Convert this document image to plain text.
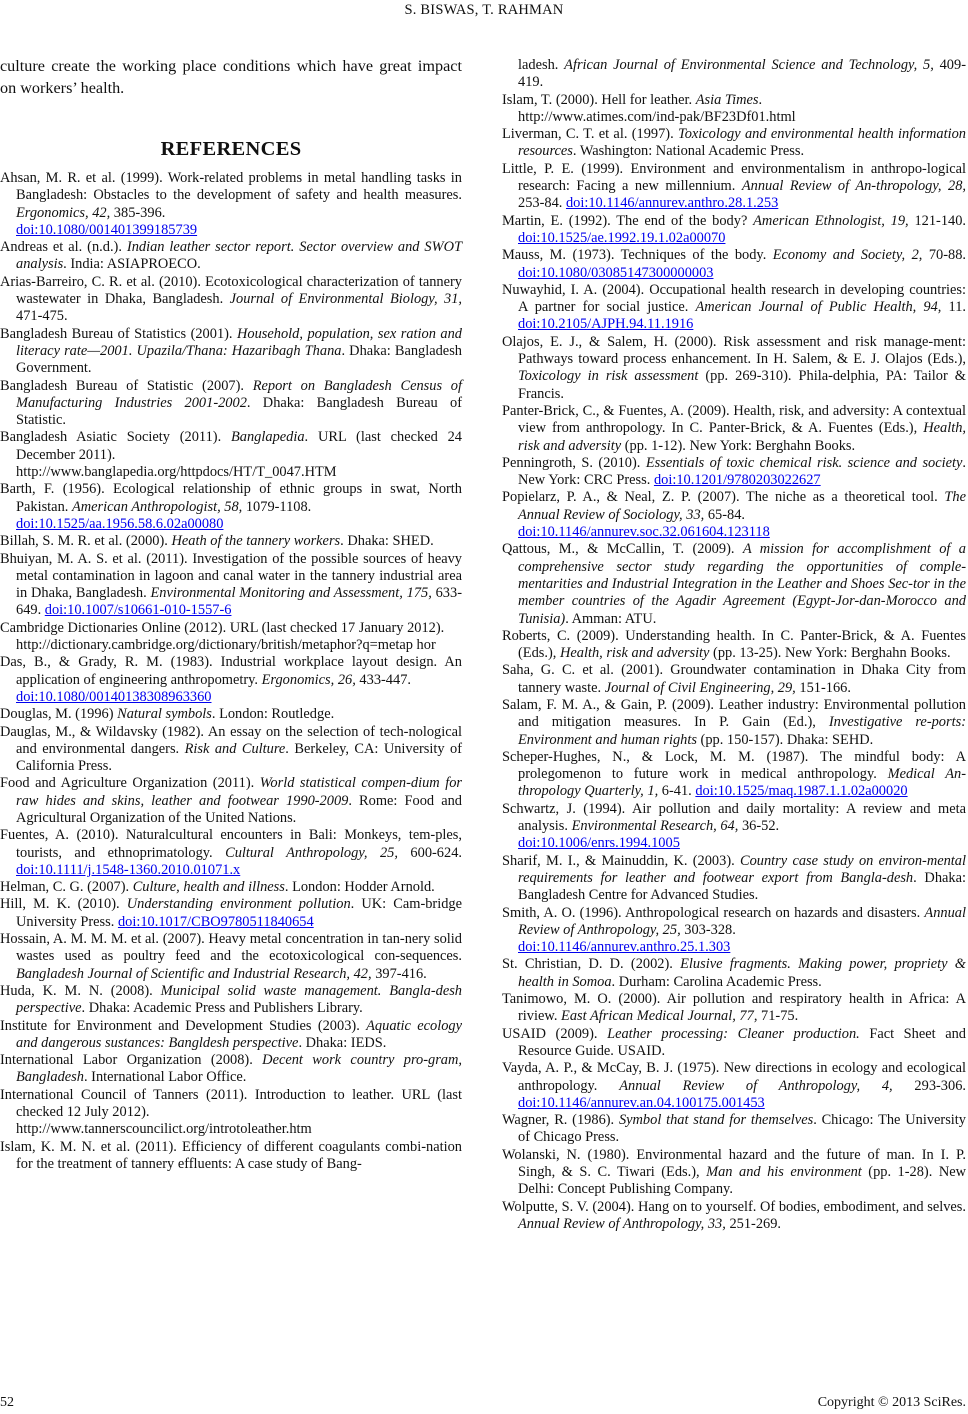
S. BISWAS, T. RAHMAN

culture create the working place conditions which have great impact on workers’ health.

REFERENCES

Ahsan, M. R. et al. (1999). Work-related problems in metal handling tasks in Bangladesh: Obstacles to the development of safety and health measures. Ergonomics, 42, 385-396.
doi:10.1080/001401399185739

Andreas et al. (n.d.). Indian leather sector report. Sector overview and SWOT analysis. India: ASIAPROECO.

Arias-Barreiro, C. R. et al. (2010). Ecotoxicological characterization of tannery wastewater in Dhaka, Bangladesh. Journal of Environmental Biology, 31, 471-475.

Bangladesh Bureau of Statistics (2001). Household, population, sex ration and literacy rate—2001. Upazila/Thana: Hazaribagh Thana. Dhaka: Bangladesh Government.

Bangladesh Bureau of Statistic (2007). Report on Bangladesh Census of Manufacturing Industries 2001-2002. Dhaka: Bangladesh Bureau of Statistic.

Bangladesh Asiatic Society (2011). Banglapedia. URL (last checked 24 December 2011).
http://www.banglapedia.org/httpdocs/HT/T_0047.HTM

Barth, F. (1956). Ecological relationship of ethnic groups in swat, North Pakistan. American Anthropologist, 58, 1079-1108.
doi:10.1525/aa.1956.58.6.02a00080

Billah, S. M. R. et al. (2000). Heath of the tannery workers. Dhaka: SHED.

Bhuiyan, M. A. S. et al. (2011). Investigation of the possible sources of heavy metal contamination in lagoon and canal water in the tannery industrial area in Dhaka, Bangladesh. Environmental Monitoring and Assessment, 175, 633-649. doi:10.1007/s10661-010-1557-6

Cambridge Dictionaries Online (2012). URL (last checked 17 January 2012).
http://dictionary.cambridge.org/dictionary/british/metaphor?q=metap hor

Das, B., & Grady, R. M. (1983). Industrial workplace layout design. An application of engineering anthropometry. Ergonomics, 26, 433-447.
doi:10.1080/00140138308963360

Douglas, M. (1996) Natural symbols. London: Routledge.

Dauglas, M., & Wildavsky (1982). An essay on the selection of tech-nological and environmental dangers. Risk and Culture. Berkeley, CA: University of California Press.

Food and Agriculture Organization (2011). World statistical compen-dium for raw hides and skins, leather and footwear 1990-2009. Rome: Food and Agricultural Organization of the United Nations.

Fuentes, A. (2010). Naturalcultural encounters in Bali: Monkeys, tem-ples, tourists, and ethnoprimatology. Cultural Anthropology, 25, 600-624. doi:10.1111/j.1548-1360.2010.01071.x

Helman, C. G. (2007). Culture, health and illness. London: Hodder Arnold.

Hill, M. K. (2010). Understanding environment pollution. UK: Cam-bridge University Press. doi:10.1017/CBO9780511840654

Hossain, A. M. M. M. et al. (2007). Heavy metal concentration in tan-nery solid wastes used as poultry feed and the ecotoxicological con-sequences. Bangladesh Journal of Scientific and Industrial Research, 42, 397-416.

Huda, K. M. N. (2008). Municipal solid waste management. Bangla-desh perspective. Dhaka: Academic Press and Publishers Library.

Institute for Environment and Development Studies (2003). Aquatic ecology and dangerous sustances: Bangldesh perspective. Dhaka: IEDS.

International Labor Organization (2008). Decent work country pro-gram, Bangladesh. International Labor Office.

International Council of Tanners (2011). Introduction to leather. URL (last checked 12 July 2012).
http://www.tannerscouncilict.org/introtoleather.htm

Islam, K. M. N. et al. (2011). Efficiency of different coagulants combi-nation for the treatment of tannery effluents: A case study of Bang-

ladesh. African Journal of Environmental Science and Technology, 5, 409-419.

Islam, T. (2000). Hell for leather. Asia Times.
http://www.atimes.com/ind-pak/BF23Df01.html

Liverman, C. T. et al. (1997). Toxicology and environmental health information resources. Washington: National Academic Press.

Little, P. E. (1999). Environment and environmentalism in anthropo-logical research: Facing a new millennium. Annual Review of An-thropology, 28, 253-84. doi:10.1146/annurev.anthro.28.1.253

Martin, E. (1992). The end of the body? American Ethnologist, 19, 121-140. doi:10.1525/ae.1992.19.1.02a00070

Mauss, M. (1973). Techniques of the body. Economy and Society, 2, 70-88. doi:10.1080/03085147300000003

Nuwayhid, I. A. (2004). Occupational health research in developing countries: A partner for social justice. American Journal of Public Health, 94, 11. doi:10.2105/AJPH.94.11.1916

Olajos, E. J., & Salem, H. (2000). Risk assessment and risk manage-ment: Pathways toward process enhancement. In H. Salem, & E. J. Olajos (Eds.), Toxicology in risk assessment (pp. 269-310). Phila-delphia, PA: Tailor & Francis.

Panter-Brick, C., & Fuentes, A. (2009). Health, risk, and adversity: A contextual view from anthropology. In C. Panter-Brick, & A. Fuentes (Eds.), Health, risk and adversity (pp. 1-12). New York: Berghahn Books.

Penningroth, S. (2010). Essentials of toxic chemical risk. science and society. New York: CRC Press. doi:10.1201/9780203022627

Popielarz, P. A., & Neal, Z. P. (2007). The niche as a theoretical tool. The Annual Review of Sociology, 33, 65-84.
doi:10.1146/annurev.soc.32.061604.123118

Qattous, M., & McCallin, T. (2009). A mission for accomplishment of a comprehensive sector study regarding the opportunities of comple-mentarities and Industrial Integration in the Leather and Shoes Sec-tor in the member countries of the Agadir Agreement (Egypt-Jor-dan-Morocco and Tunisia). Amman: ATU.

Roberts, C. (2009). Understanding health. In C. Panter-Brick, & A. Fuentes (Eds.), Health, risk and adversity (pp. 13-25). New York: Berghahn Books.

Saha, G. C. et al. (2001). Groundwater contamination in Dhaka City from tannery waste. Journal of Civil Engineering, 29, 151-166.

Salam, F. M. A., & Gain, P. (2009). Leather industry: Environmental pollution and mitigation measures. In P. Gain (Ed.), Investigative re-ports: Environment and human rights (pp. 150-157). Dhaka: SEHD.

Scheper-Hughes, N., & Lock, M. M. (1987). The mindful body: A prolegomenon to future work in medical anthropology. Medical An-thropology Quarterly, 1, 6-41. doi:10.1525/maq.1987.1.1.02a00020

Schwartz, J. (1994). Air pollution and daily mortality: A review and meta analysis. Environmental Research, 64, 36-52.
doi:10.1006/enrs.1994.1005

Sharif, M. I., & Mainuddin, K. (2003). Country case study on environ-mental requirements for leather and footwear export from Bangla-desh. Dhaka: Bangladesh Centre for Advanced Studies.

Smith, A. O. (1996). Anthropological research on hazards and disasters. Annual Review of Anthropology, 25, 303-328.
doi:10.1146/annurev.anthro.25.1.303

St. Christian, D. D. (2002). Elusive fragments. Making power, propriety & health in Somoa. Durham: Carolina Academic Press.

Tanimowo, M. O. (2000). Air pollution and respiratory health in Africa: A riview. East African Medical Journal, 77, 71-75.

USAID (2009). Leather processing: Cleaner production. Fact Sheet and Resource Guide. USAID.

Vayda, A. P., & McCay, B. J. (1975). New directions in ecology and ecological anthropology. Annual Review of Anthropology, 4, 293-306. doi:10.1146/annurev.an.04.100175.001453

Wagner, R. (1986). Symbol that stand for themselves. Chicago: The University of Chicago Press.

Wolanski, N. (1980). Environmental hazard and the future of man. In I. P. Singh, & S. C. Tiwari (Eds.), Man and his environment (pp. 1-28). New Delhi: Concept Publishing Company.

Wolputte, S. V. (2004). Hang on to yourself. Of bodies, embodiment, and selves. Annual Review of Anthropology, 33, 251-269.

52	Copyright © 2013 SciRes.
